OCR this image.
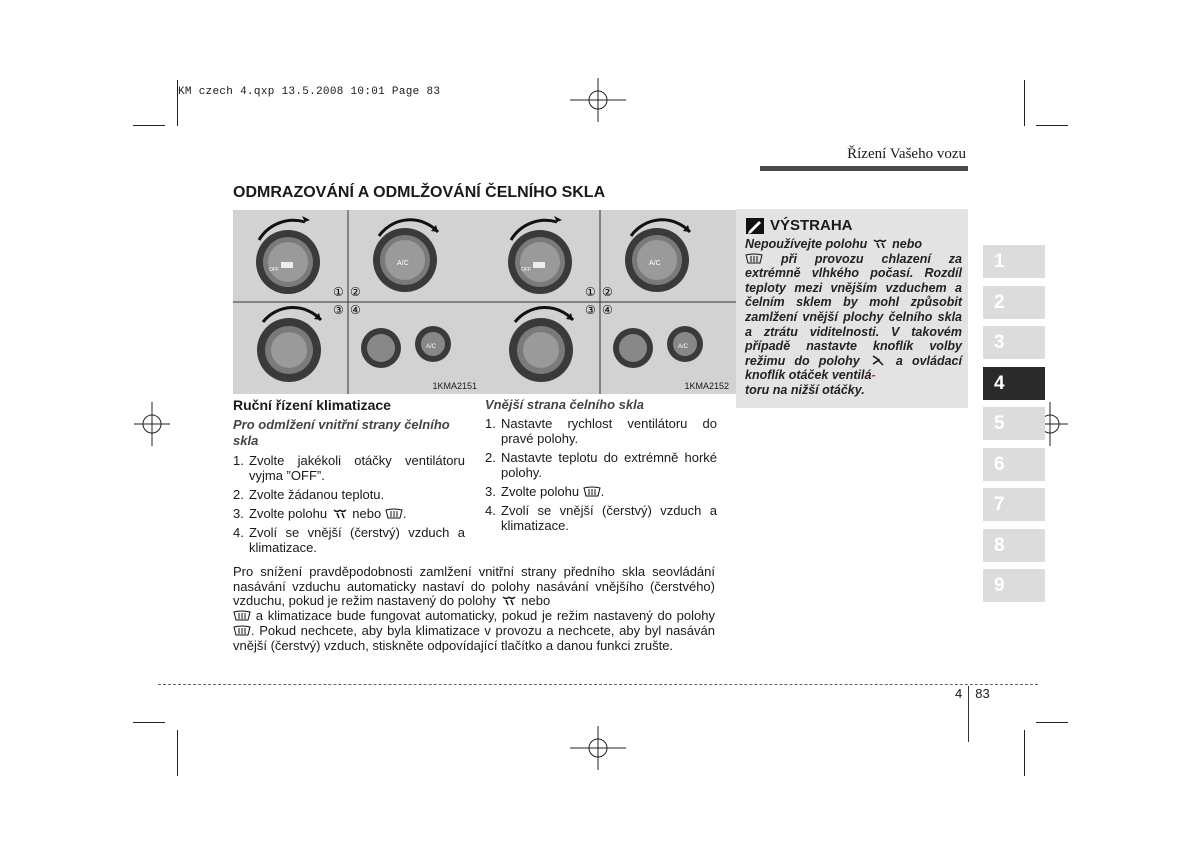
KM czech 4.qxp 13.5.2008 10:01 Page 83
Řízení Vašeho vozu
ODMRAZOVÁNÍ A ODMLŽOVÁNÍ ČELNÍHO SKLA
OFF
A/C
A/C
① ②
③ ④
1KMA2151
OFF
A/C
A/C
① ②
③ ④
1KMA2152
Ruční řízení klimatizace
Pro odmlžení vnitřní strany čelního skla
1. Zvolte jakékoli otáčky ventilátoru vyjma ”OFF”.
2. Zvolte žádanou teplotu.
3. Zvolte polohu  nebo .
4. Zvolí se vnější (čerstvý) vzduch a klimatizace.
Vnější strana čelního skla
1. Nastavte rychlost ventilátoru do pravé polohy.
2. Nastavte teplotu do extrémně horké polohy.
3. Zvolte polohu .
4. Zvolí se vnější (čerstvý) vzduch a klimatizace.
Pro snížení pravděpodobnosti zamlžení vnitřní strany předního skla seovládání nasávání vzduchu automaticky nastaví do polohy nasávání vnějšího (čerstvého) vzduchu, pokud je režim nastavený do polohy  nebo
a klimatizace bude fungovat automaticky, pokud je režim nastavený do polohy . Pokud nechcete, aby byla klimatizace v provozu a nechcete, aby byl nasáván vnější (čerstvý) vzduch, stiskněte odpovídající tlačítko a danou funkci zrušte.
VÝSTRAHA
Nepoužívejte polohu  nebo
při provozu chlazení za extrémně vlhkého počasí. Rozdíl teploty mezi vnějším vzduchem a čelním sklem by mohl způsobit zamlžení vnější plochy čelního skla a ztrátu viditelnosti. V takovém případě nastavte knoflík volby režimu do polohy  a ovládací knoflík otáček ventilá-
toru na nižší otáčky.
1
2
3
4
5
6
7
8
9
4 83
